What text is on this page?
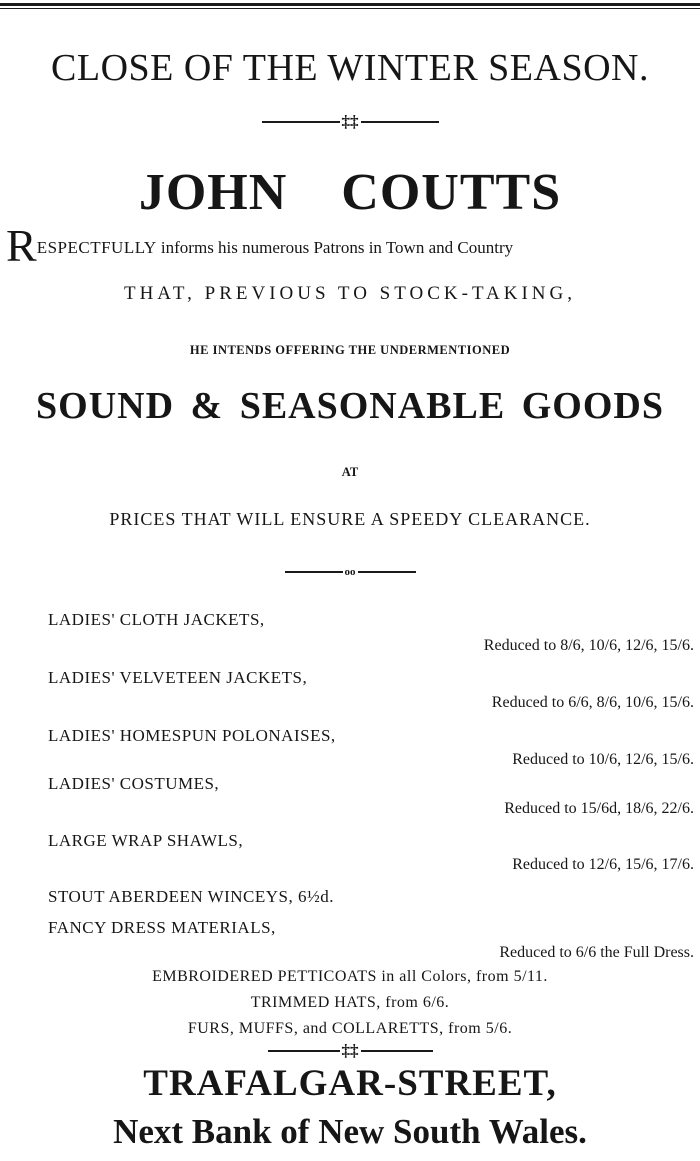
CLOSE OF THE WINTER SEASON.
‡‡
JOHN COUTTS
RESPECTFULLY informs his numerous Patrons in Town and Country
THAT, PREVIOUS TO STOCK-TAKING,
HE INTENDS OFFERING THE UNDERMENTIONED
SOUND & SEASONABLE GOODS
AT
PRICES THAT WILL ENSURE A SPEEDY CLEARANCE.
oo
LADIES' CLOTH JACKETS,
Reduced to 8/6, 10/6, 12/6, 15/6.
LADIES' VELVETEEN JACKETS,
Reduced to 6/6, 8/6, 10/6, 15/6.
LADIES' HOMESPUN POLONAISES,
Reduced to 10/6, 12/6, 15/6.
LADIES' COSTUMES,
Reduced to 15/6d, 18/6, 22/6.
LARGE WRAP SHAWLS,
Reduced to 12/6, 15/6, 17/6.
STOUT ABERDEEN WINCEYS, 6½d.
FANCY DRESS MATERIALS,
Reduced to 6/6 the Full Dress.
EMBROIDERED PETTICOATS in all Colors, from 5/11.
TRIMMED HATS, from 6/6.
FURS, MUFFS, and COLLARETTS, from 5/6.
‡‡
TRAFALGAR-STREET,
Next Bank of New South Wales.
